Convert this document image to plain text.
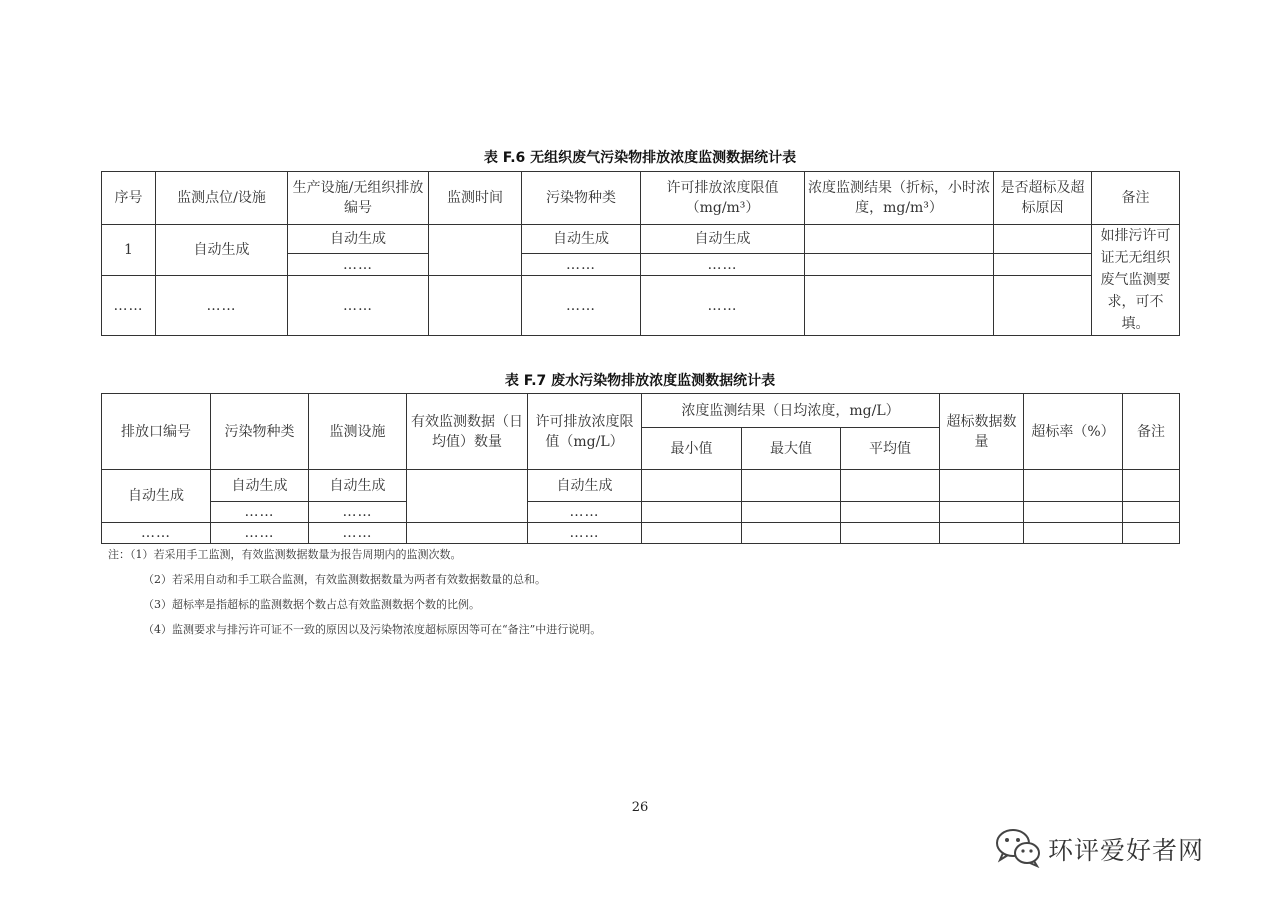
表 F.6 无组织废气污染物排放浓度监测数据统计表
序号	监测点位/设施	生产设施/无组织排放编号	监测时间	污染物种类	许可排放浓度限值（mg/m³）	浓度监测结果（折标，小时浓度，mg/m³）	是否超标及超标原因	备注
1	自动生成	自动生成		自动生成	自动生成			如排污许可证无无组织废气监测要求，可不填。
		……		……	……			
……	……	……		……	……			
表 F.7 废水污染物排放浓度监测数据统计表
排放口编号	污染物种类	监测设施	有效监测数据（日均值）数量	许可排放浓度限值（mg/L）	浓度监测结果（日均浓度，mg/L）			超标数据数量	超标率（%）	备注
					最小值	最大值	平均值			
自动生成	自动生成	自动生成		自动生成						
	……	……		……						
……	……	……		……						
注：（1）若采用手工监测，有效监测数据数量为报告周期内的监测次数。
（2）若采用自动和手工联合监测，有效监测数据数量为两者有效数据数量的总和。
（3）超标率是指超标的监测数据个数占总有效监测数据个数的比例。
（4）监测要求与排污许可证不一致的原因以及污染物浓度超标原因等可在“备注”中进行说明。
26
环评爱好者网
